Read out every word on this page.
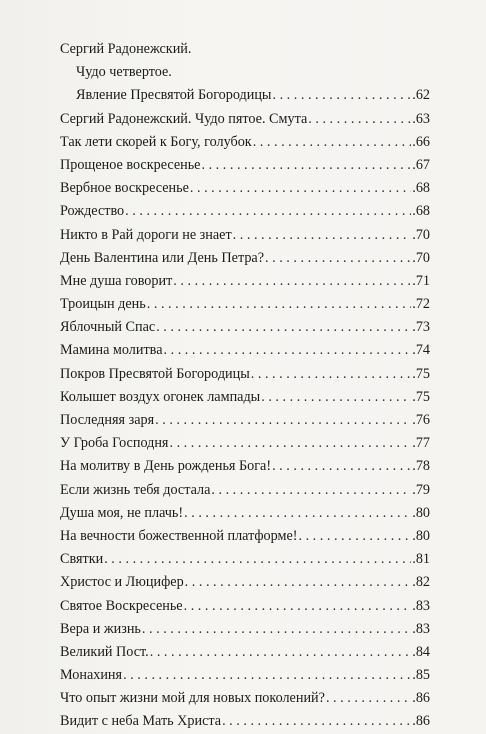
Сергий Радонежский.
Чудо четвертое.
Явление Пресвятой Богородицы . . .	.62
Сергий Радонежский. Чудо пятое. Смута . . .	.63
Так лети скорей к Богу, голубок . . .	.66
Прощеное воскресенье . . .	.67
Вербное воскресенье . . .	.68
Рождество . . .	.68
Никто в Рай дороги не знает . . .	.70
День Валентина или День Петра? . . .	.70
Мне душа говорит . . .	.71
Троицын день . . .	.72
Яблочный Спас . . .	.73
Мамина молитва . . .	.74
Покров Пресвятой Богородицы . . .	.75
Колышет воздух огонек лампады . . .	.75
Последняя заря . . .	.76
У Гроба Господня . . .	.77
На молитву в День рожденья Бога! . . .	.78
Если жизнь тебя достала . . .	.79
Душа моя, не плачь! . . .	.80
На вечности божественной платформе! . . .	.80
Святки . . .	.81
Христос и Люцифер . . .	.82
Святое Воскресенье . . .	.83
Вера и жизнь . . .	.83
Великий Пост. . . .	.84
Монахиня . . .	.85
Что опыт жизни мой для новых поколений? . . .	.86
Видит с неба Мать Христа . . .	.86
